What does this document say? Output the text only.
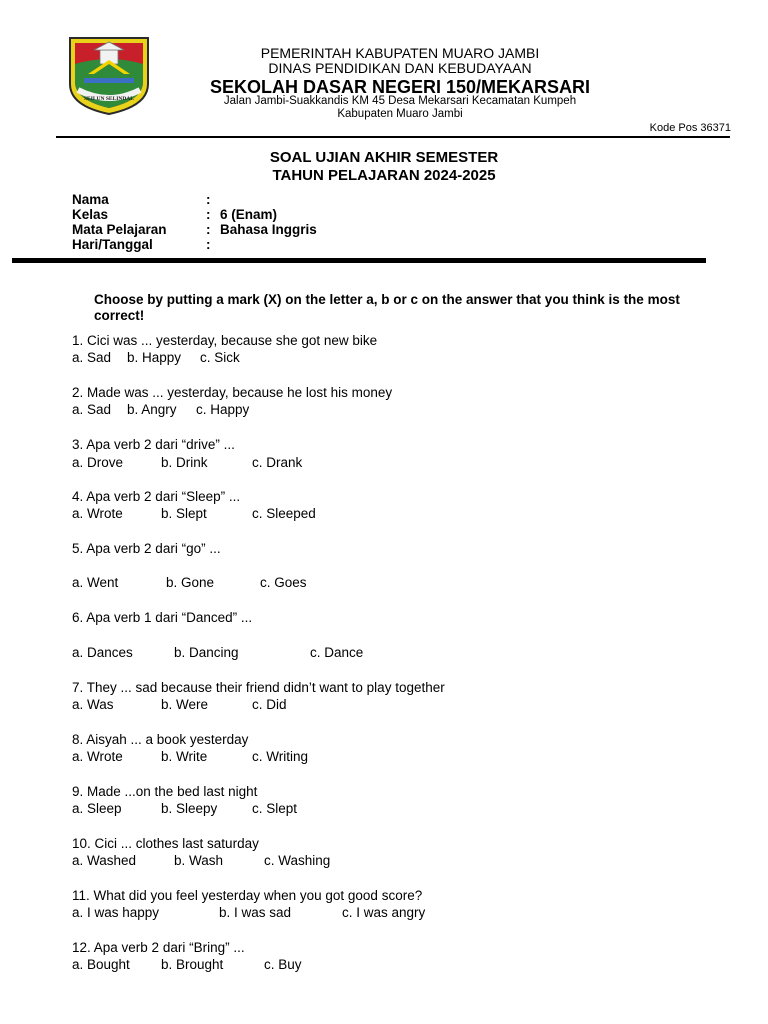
SEILUN SELINDAL
PEMERINTAH KABUPATEN MUARO JAMBI
DINAS PENDIDIKAN DAN KEBUDAYAAN
SEKOLAH DASAR NEGERI 150/MEKARSARI
Jalan Jambi-Suakkandis KM 45 Desa Mekarsari Kecamatan Kumpeh
Kabupaten Muaro Jambi
Kode Pos 36371
SOAL UJIAN AKHIR SEMESTER
TAHUN PELAJARAN 2024-2025
Nama	:
Kelas	: 6 (Enam)
Mata Pelajaran	: Bahasa Inggris
Hari/Tanggal	:
Choose by putting a mark (X) on the letter a, b or c on the answer that you think is the most correct!
1. Cici was ... yesterday, because she got new bike
a. Sad b. Happy c. Sick
2. Made was ... yesterday, because he lost his money
a. Sad b. Angry c. Happy
3. Apa verb 2 dari “drive” ...
a. Drove	b. Drink	c. Drank
4. Apa verb 2 dari “Sleep” ...
a. Wrote	b. Slept	c. Sleeped
5. Apa verb 2 dari “go” ...
a. Went	b. Gone	c. Goes
6. Apa verb 1 dari “Danced” ...
a. Dances	b. Dancing	c. Dance
7. They ... sad because their friend didn’t want to play together
a. Was	b. Were	c. Did
8. Aisyah ... a book yesterday
a. Wrote	b. Write	c. Writing
9. Made ...on the bed last night
a. Sleep	b. Sleepy	c. Slept
10. Cici ... clothes last saturday
a. Washed	b. Wash	c. Washing
11. What did you feel yesterday when you got good score?
a. I was happy	b. I was sad	c. I was angry
12. Apa verb 2 dari “Bring” ...
a. Bought b. Brought	c. Buy
